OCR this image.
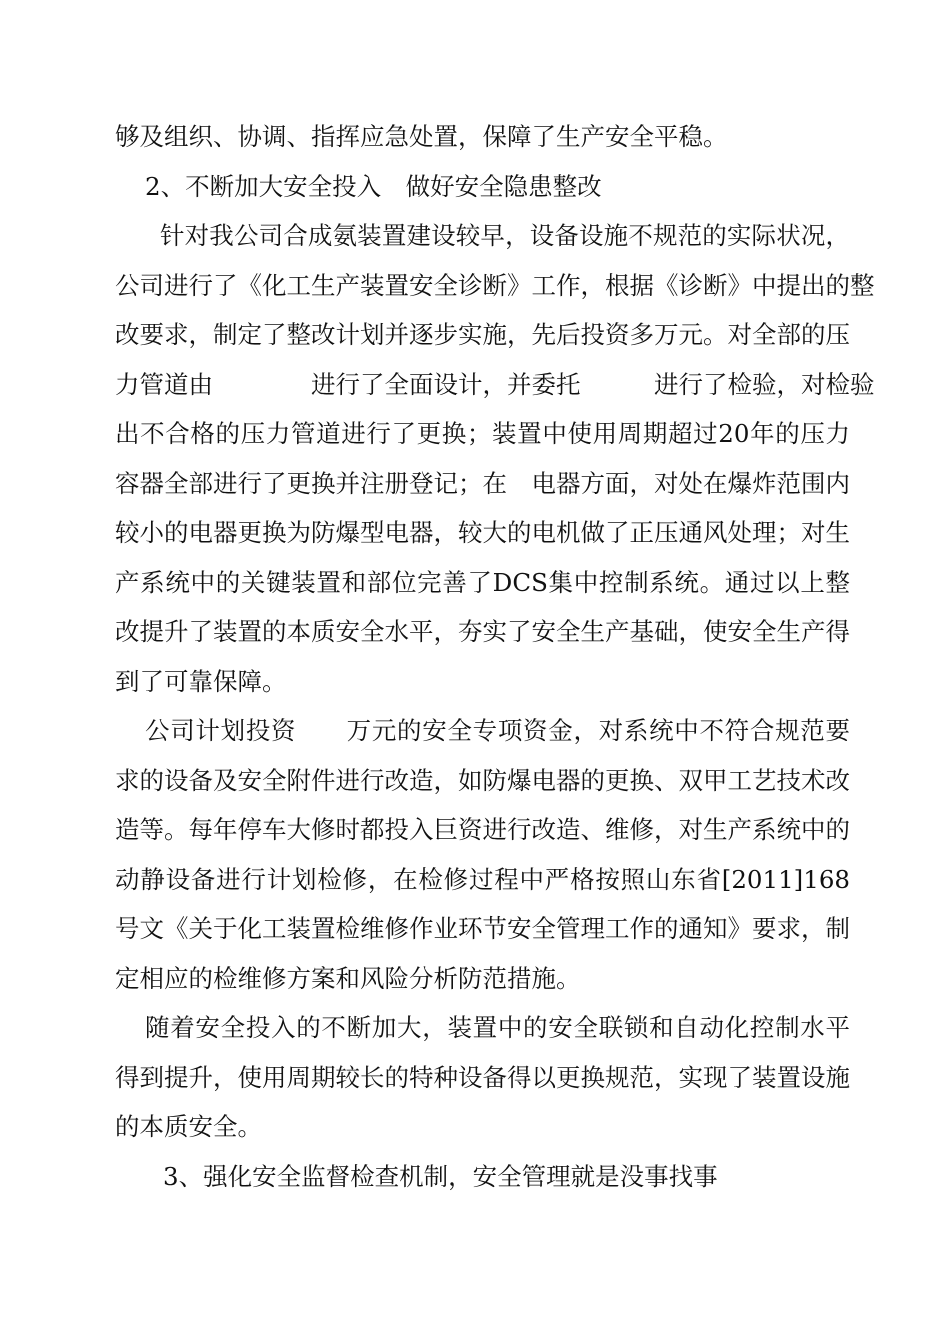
够及组织、协调、指挥应急处置，保障了生产安全平稳。
2、不断加大安全投入　做好安全隐患整改
针对我公司合成氨装置建设较早，设备设施不规范的实际状况，
公司进行了《化工生产装置安全诊断》工作，根据《诊断》中提出的整
改要求，制定了整改计划并逐步实施，先后投资多万元。对全部的压
力管道由　　　　进行了全面设计，并委托　　　进行了检验，对检验
出不合格的压力管道进行了更换；装置中使用周期超过20年的压力
容器全部进行了更换并注册登记；在　电器方面，对处在爆炸范围内
较小的电器更换为防爆型电器，较大的电机做了正压通风处理；对生
产系统中的关键装置和部位完善了DCS集中控制系统。通过以上整
改提升了装置的本质安全水平，夯实了安全生产基础，使安全生产得
到了可靠保障。
公司计划投资　　万元的安全专项资金，对系统中不符合规范要
求的设备及安全附件进行改造，如防爆电器的更换、双甲工艺技术改
造等。每年停车大修时都投入巨资进行改造、维修，对生产系统中的
动静设备进行计划检修，在检修过程中严格按照山东省[2011]168
号文《关于化工装置检维修作业环节安全管理工作的通知》要求，制
定相应的检维修方案和风险分析防范措施。
随着安全投入的不断加大，装置中的安全联锁和自动化控制水平
得到提升，使用周期较长的特种设备得以更换规范，实现了装置设施
的本质安全。
3、强化安全监督检查机制，安全管理就是没事找事
